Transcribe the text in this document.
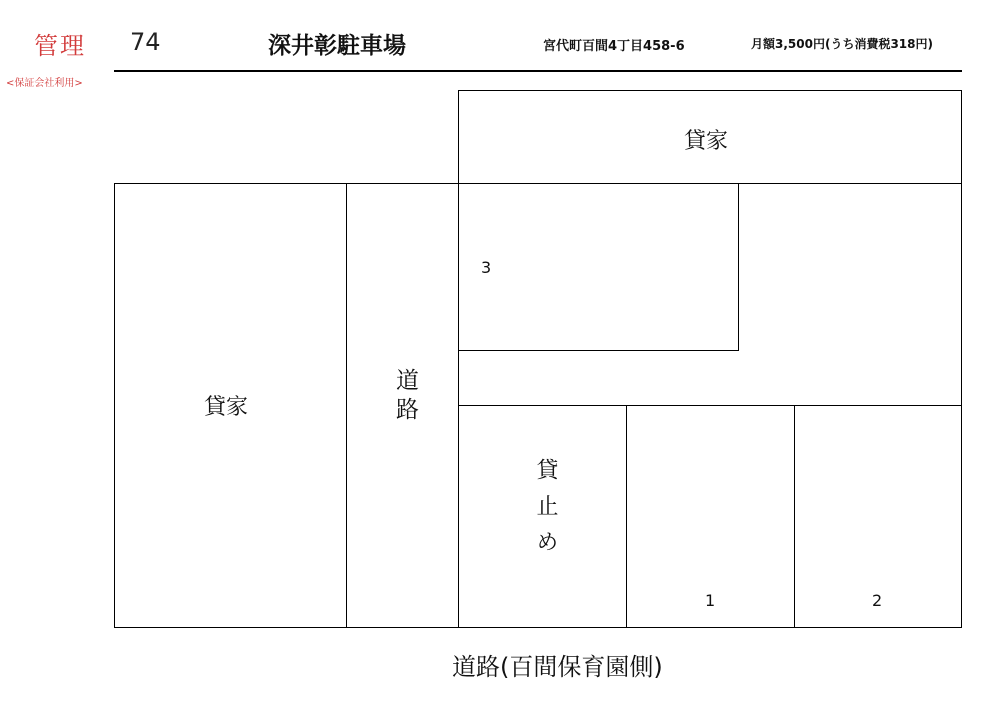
管理
<保証会社利用>
74	深井彰駐車場	宮代町百間4丁目458-6	月額3,500円(うち消費税318円)
貸家
貸家	道路
貸止め
3
1	2
道路(百間保育園側)
